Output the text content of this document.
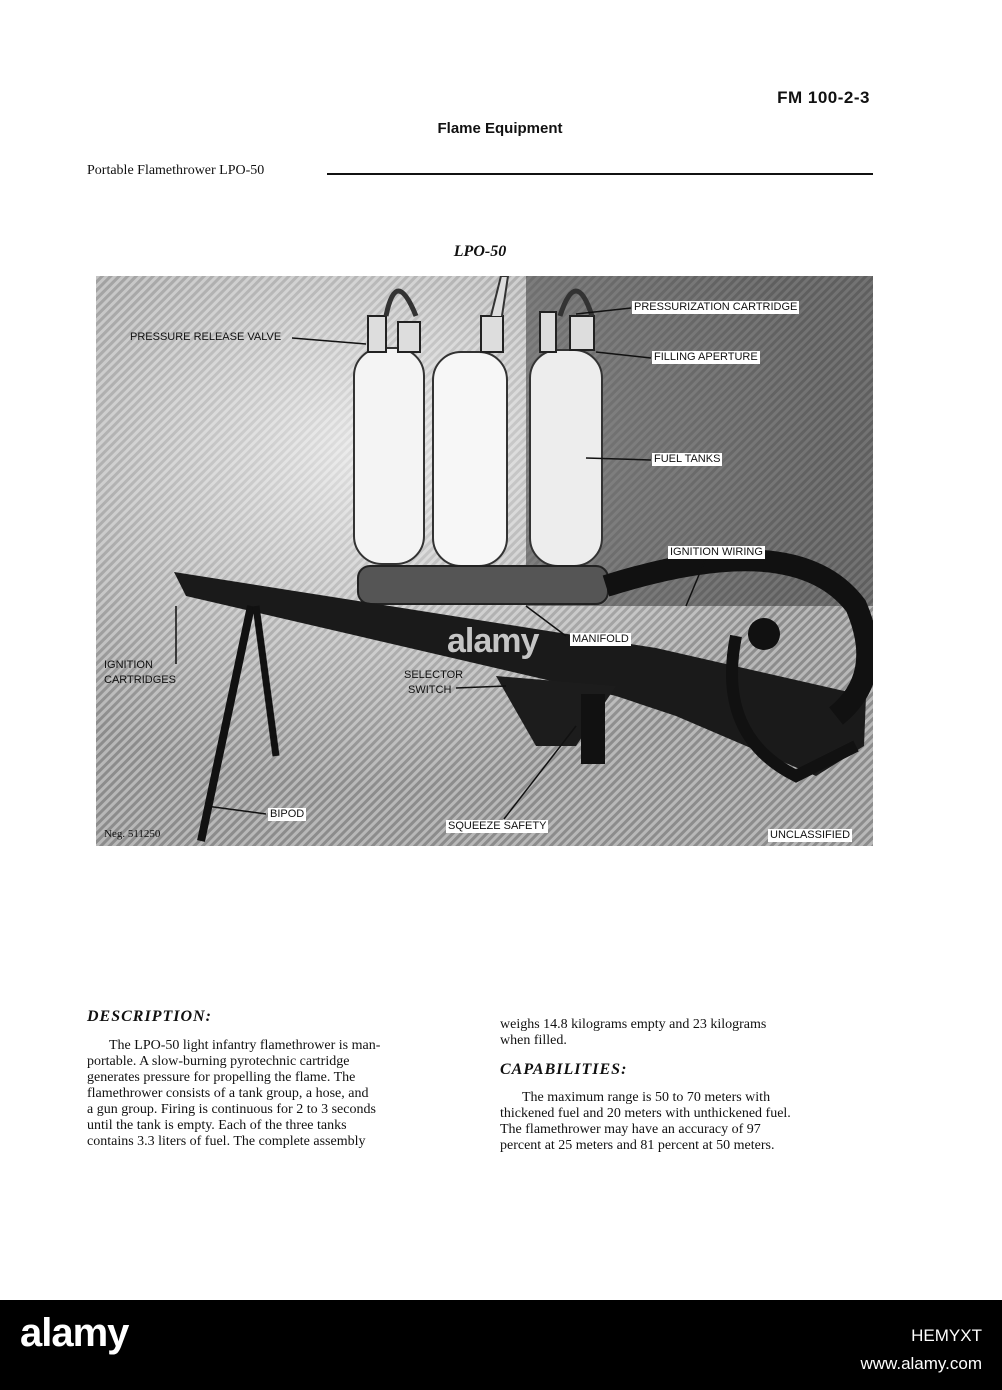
FM 100-2-3
Flame Equipment
Portable Flamethrower LPO-50
LPO-50
PRESSURE RELEASE VALVE
PRESSURIZATION CARTRIDGE
FILLING APERTURE
FUEL TANKS
IGNITION WIRING
MANIFOLD
IGNITION
CARTRIDGES	SELECTOR
SWITCH
BIPOD
SQUEEZE SAFETY
Neg. 511250	UNCLASSIFIED
alamy
DESCRIPTION:
The LPO-50 light infantry flamethrower is man-
portable. A slow-burning pyrotechnic cartridge
generates pressure for propelling the flame. The
flamethrower consists of a tank group, a hose, and
a gun group. Firing is continuous for 2 to 3 seconds
until the tank is empty. Each of the three tanks
contains 3.3 liters of fuel. The complete assembly
weighs 14.8 kilograms empty and 23 kilograms
when filled.
CAPABILITIES:
The maximum range is 50 to 70 meters with
thickened fuel and 20 meters with unthickened fuel.
The flamethrower may have an accuracy of 97
percent at 25 meters and 81 percent at 50 meters.
alamy	HEMYXT
www.alamy.com
